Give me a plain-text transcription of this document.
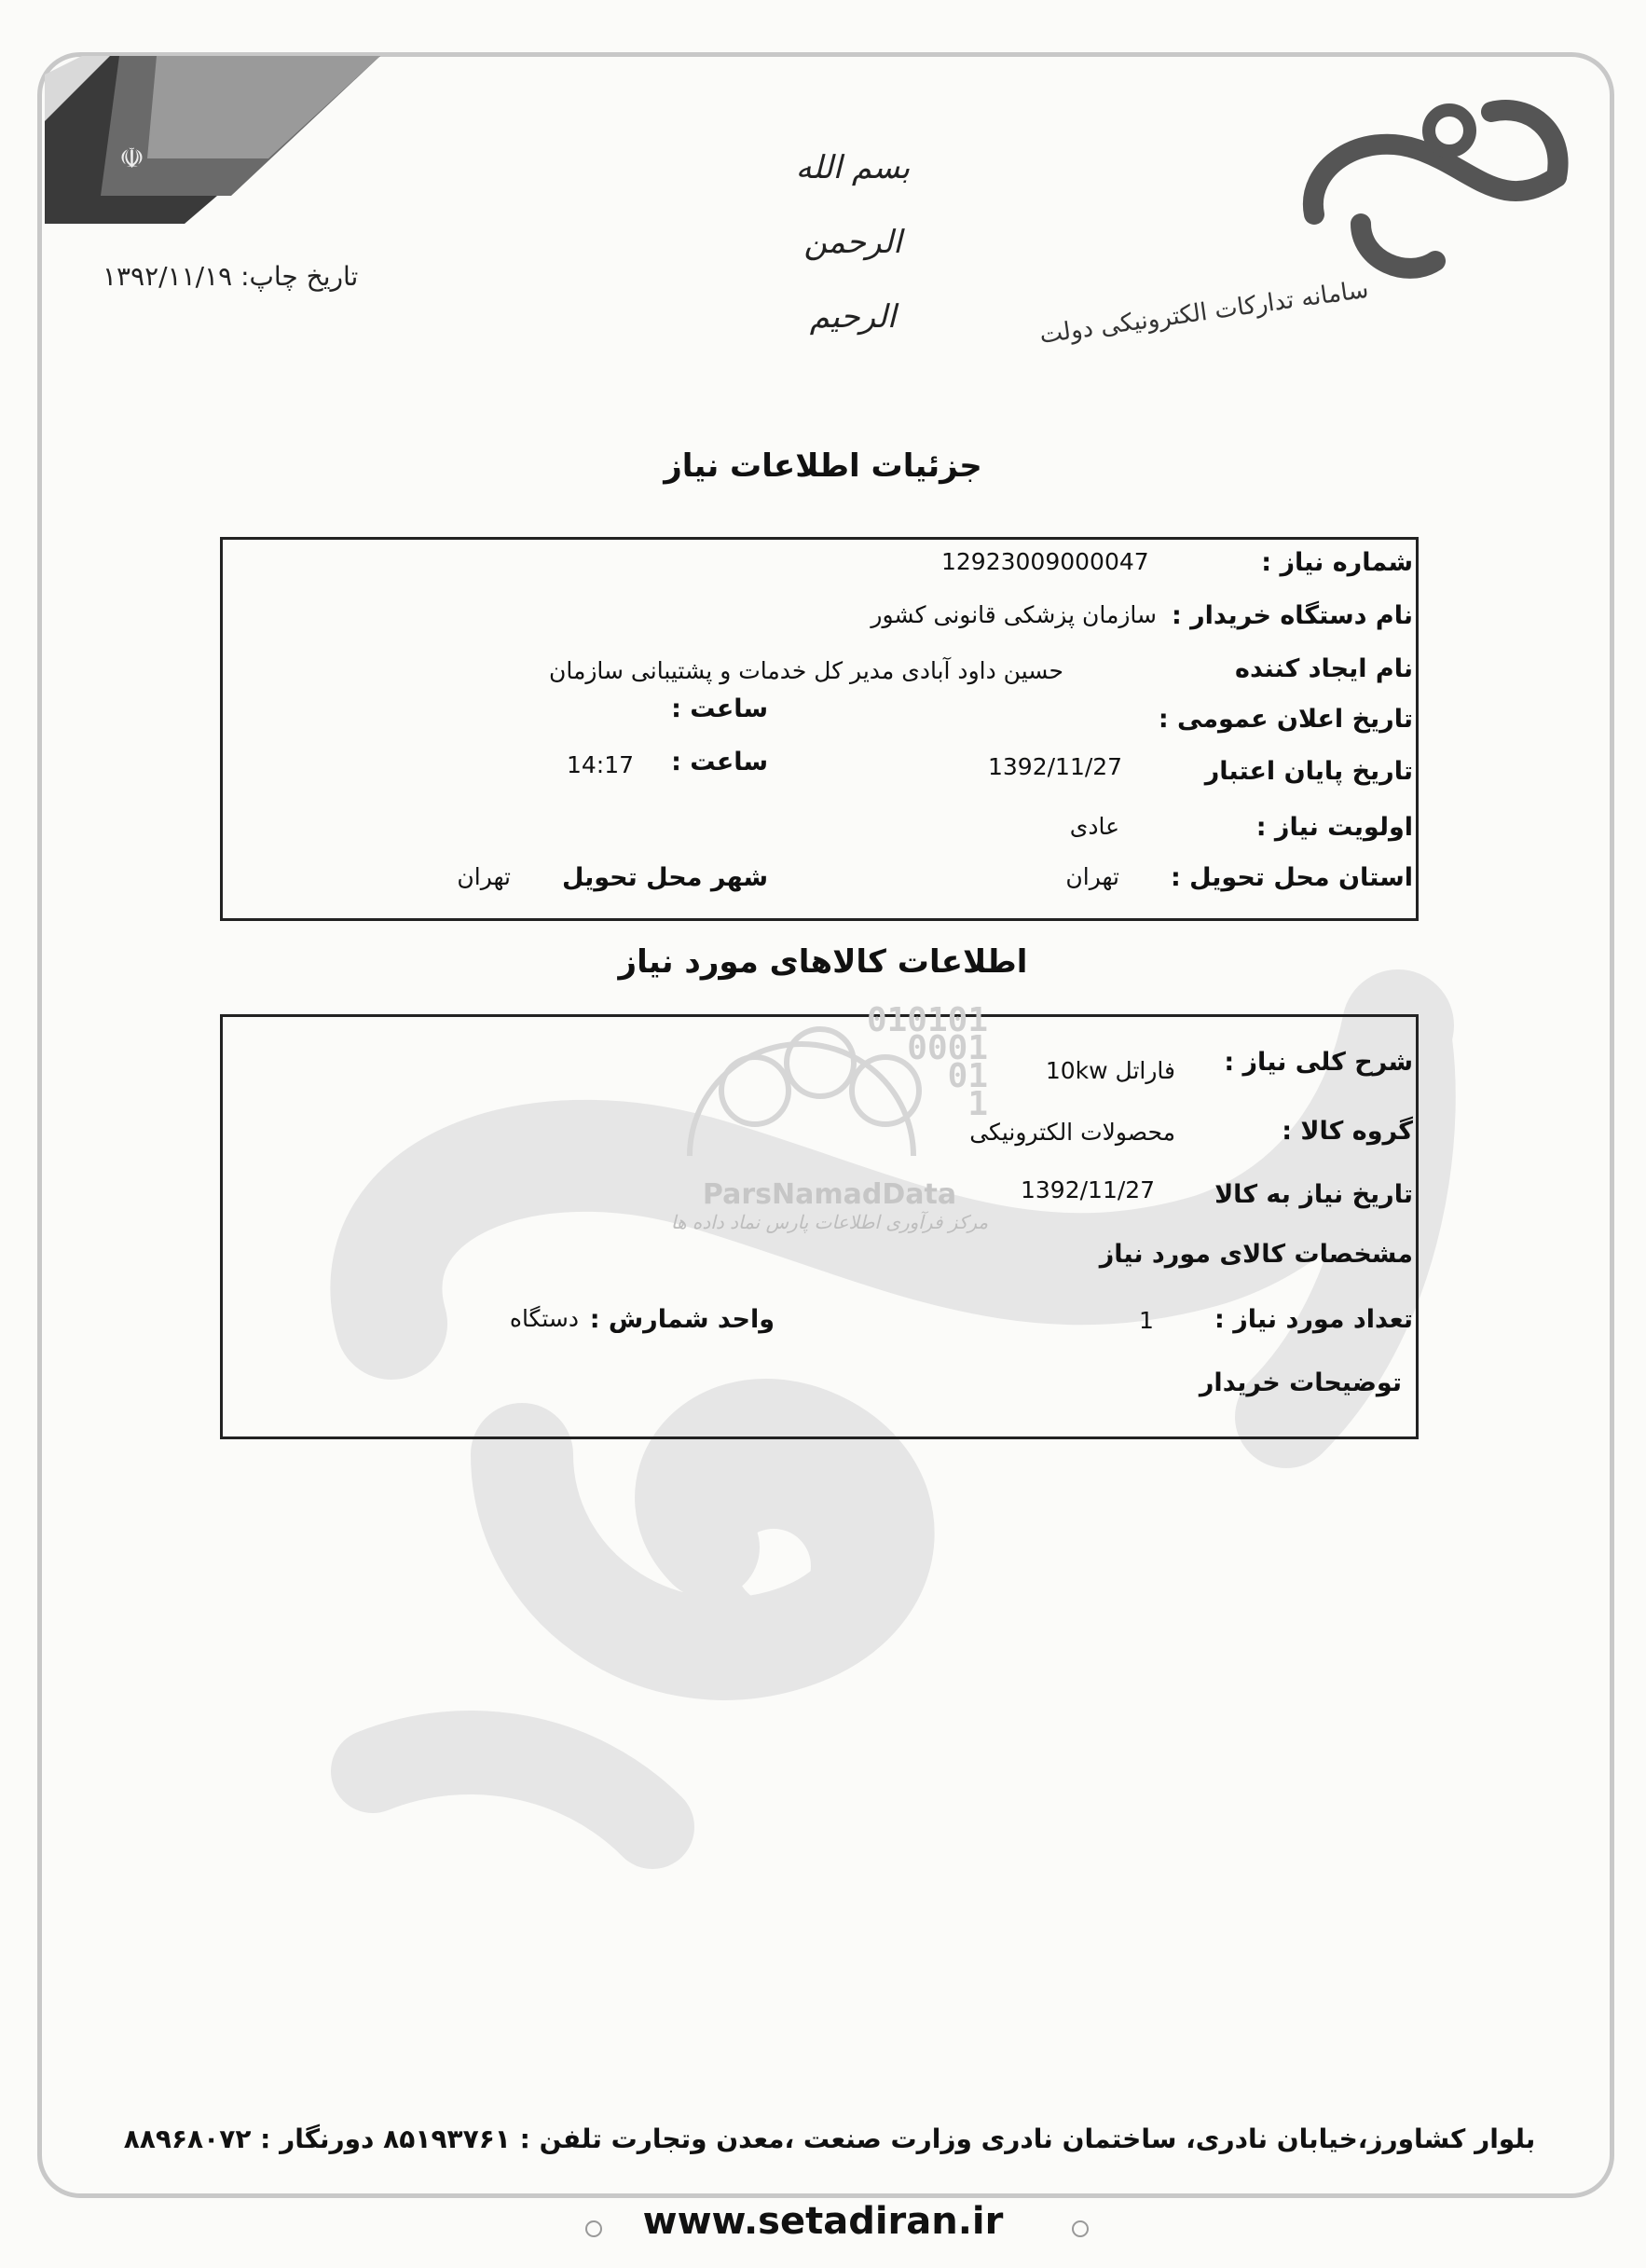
☫	بسم الله الرحمن الرحيم
تاریخ چاپ: ۱۳۹۲/۱۱/۱۹	سامانه تدارکات الکترونیکی دولت
جزئیات اطلاعات نیاز
شماره نیاز :
12923009000047
نام دستگاه خریدار :
سازمان پزشکی قانونی کشور
نام ایجاد کننده
حسین داود آبادی مدیر کل خدمات و پشتیبانی سازمان
تاریخ اعلان عمومی :
ساعت :
تاریخ پایان اعتبار
1392/11/27
ساعت :
14:17
اولویت نیاز :
عادی
استان محل تحویل :
تهران
شهر محل تحویل
تهران
اطلاعات کالاهای مورد نیاز
ParsNamadData
مرکز فرآوری اطلاعات پارس نماد داده ها
010101
0001
01
1
شرح کلی نیاز :
فاراتل 10kw
گروه کالا :
محصولات الکترونیکی
تاریخ نیاز به کالا
1392/11/27
مشخصات کالای مورد نیاز
تعداد مورد نیاز :
1
واحد شمارش :
دستگاه
توضیحات خریدار
بلوار کشاورز،خیابان نادری، ساختمان نادری وزارت صنعت ،معدن وتجارت تلفن : ۸۵۱۹۳۷۶۱ دورنگار : ۸۸۹۶۸۰۷۲
www.setadiran.ir
